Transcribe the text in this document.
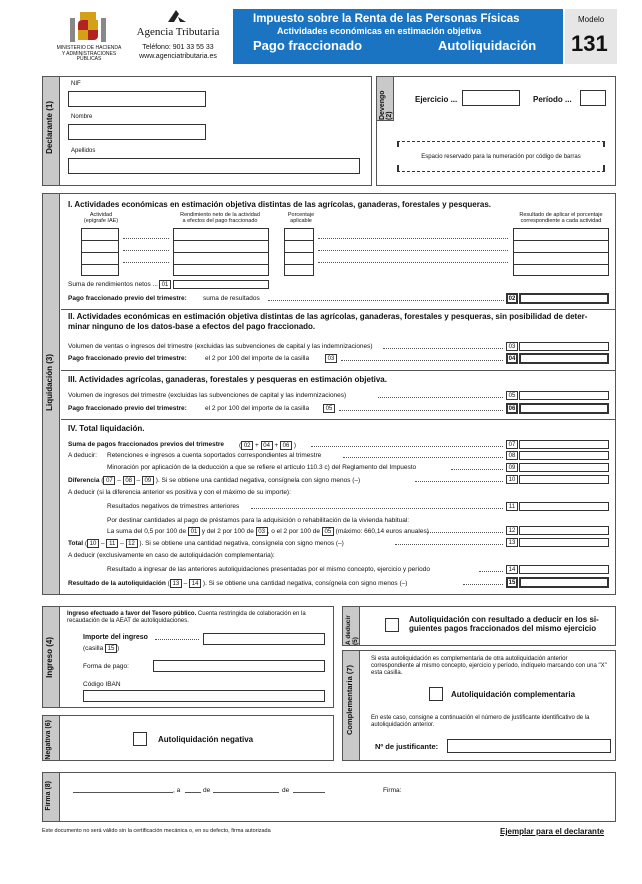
MINISTERIO DE HACIENDA
Y ADMINISTRACIONES
PÚBLICAS
Agencia Tributaria
Teléfono: 901 33 55 33
www.agenciatributaria.es
Impuesto sobre la Renta de las Personas Físicas
Actividades económicas en estimación objetiva
Pago fraccionado	Autoliquidación
Modelo
131
Declarante (1)
NIF
Nombre
Apellidos
Devengo (2)
Ejercicio ...	Período ...
Espacio reservado para la numeración por código de barras
Liquidación (3)
I. Actividades económicas en estimación objetiva distintas de las agrícolas, ganaderas, forestales y pesqueras.
Actividad
(epígrafe IAE)
Rendimiento neto de la actividad
a efectos del pago fraccionado
Porcentaje
aplicable
Resultado de aplicar el porcentaje
correspondiente a cada actividad
Suma de rendimientos netos ... 01
Pago fraccionado previo del trimestre: suma de resultados	02
II. Actividades económicas en estimación objetiva distintas de las agrícolas, ganaderas, forestales y pesqueras, sin posibilidad de deter-minar ninguno de los datos-base a efectos del pago fraccionado.
Volumen de ventas o ingresos del trimestre (excluidas las subvenciones de capital y las indemnizaciones)	03
Pago fraccionado previo del trimestre:	el 2 por 100 del importe de la casilla	03	04
III. Actividades agrícolas, ganaderas, forestales y pesqueras en estimación objetiva.
Volumen de ingresos del trimestre (excluidas las subvenciones de capital y las indemnizaciones)	05
Pago fraccionado previo del trimestre:	el 2 por 100 del importe de la casilla	05	06
IV. Total liquidación.
Suma de pagos fraccionados previos del trimestre ( 02 + 04 + 06 )	07
A deducir: Retenciones e ingresos a cuenta soportados correspondientes al trimestre	08
Minoración por aplicación de la deducción a que se refiere el artículo 110.3 c) del Reglamento del Impuesto	09
Diferencia ( 07 – 08 – 09 ). Si se obtiene una cantidad negativa, consígnela con signo menos (–)	10
A deducir (si la diferencia anterior es positiva y con el máximo de su importe):
Resultados negativos de trimestres anteriores	11
Por destinar cantidades al pago de préstamos para la adquisición o rehabilitación de la vivienda habitual:
La suma del 0,5 por 100 de 01 y del 2 por 100 de 03 , o el 2 por 100 de 05 (máximo: 660,14 euros anuales)	12
Total ( 10 – 11 – 12 ). Si se obtiene una cantidad negativa, consígnela con signo menos (–)	13
A deducir (exclusivamente en caso de autoliquidación complementaria):
Resultado a ingresar de las anteriores autoliquidaciones presentadas por el mismo concepto, ejercicio y período	14
Resultado de la autoliquidación ( 13 – 14 ). Si se obtiene una cantidad negativa, consígnela con signo menos (–)	15
Ingreso (4)
Ingreso efectuado a favor del Tesoro público. Cuenta restringida de colaboración en la recaudación de la AEAT de autoliquidaciones.
Importe del ingreso
(casilla 15 )
Forma de pago:
Código IBAN
Negativa (6)	Autoliquidación negativa
A deducir (5)
Autoliquidación con resultado a deducir en los si-guientes pagos fraccionados del mismo ejercicio
Complementaria (7)
Si esta autoliquidación es complementaria de otra autoliquidación anterior correspondiente al mismo concepto, ejercicio y período, indíquelo marcando con una "X" esta casilla.
Autoliquidación complementaria
En este caso, consigne a continuación el número de justificante identificativo de la autoliquidación anterior.
Nº de justificante:
Firma (8)	, a	de	de	Firma:
Este documento no será válido sin la certificación mecánica o, en su defecto, firma autorizada	Ejemplar para el declarante
